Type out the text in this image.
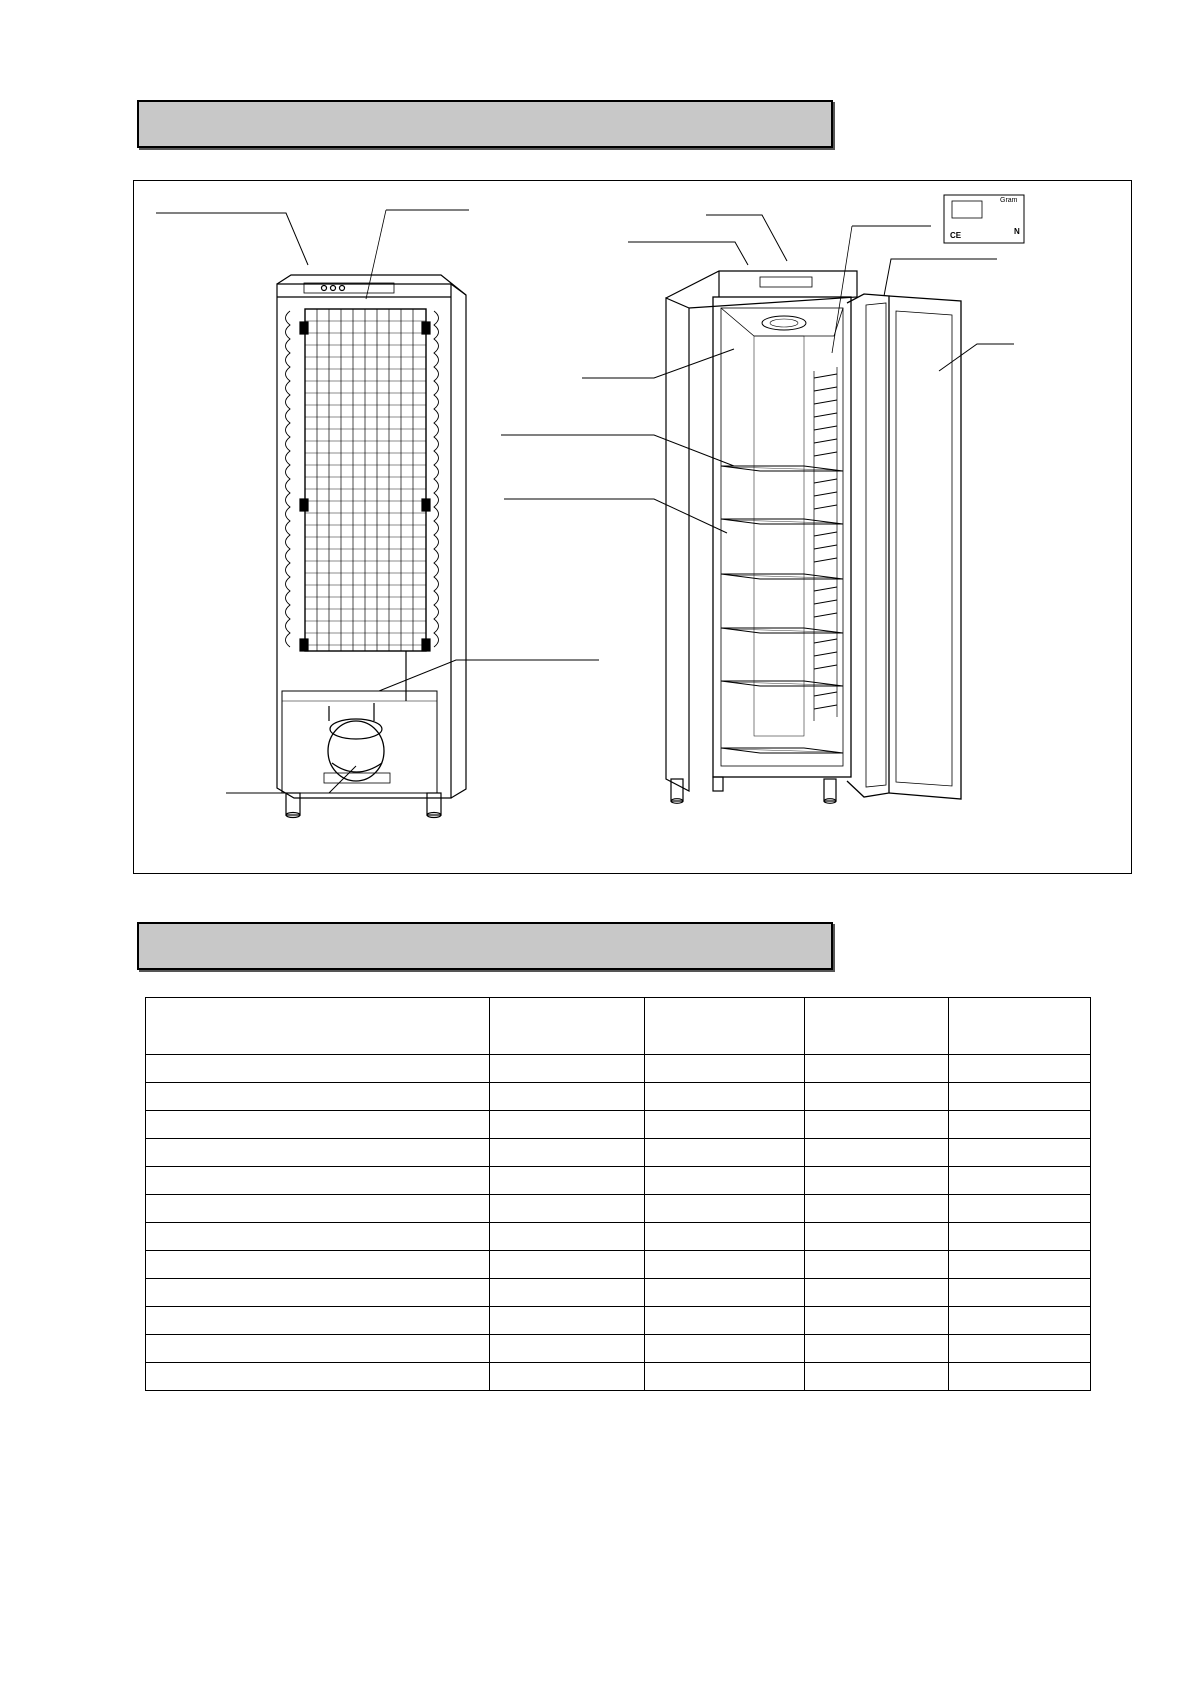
Gram
CE	N
